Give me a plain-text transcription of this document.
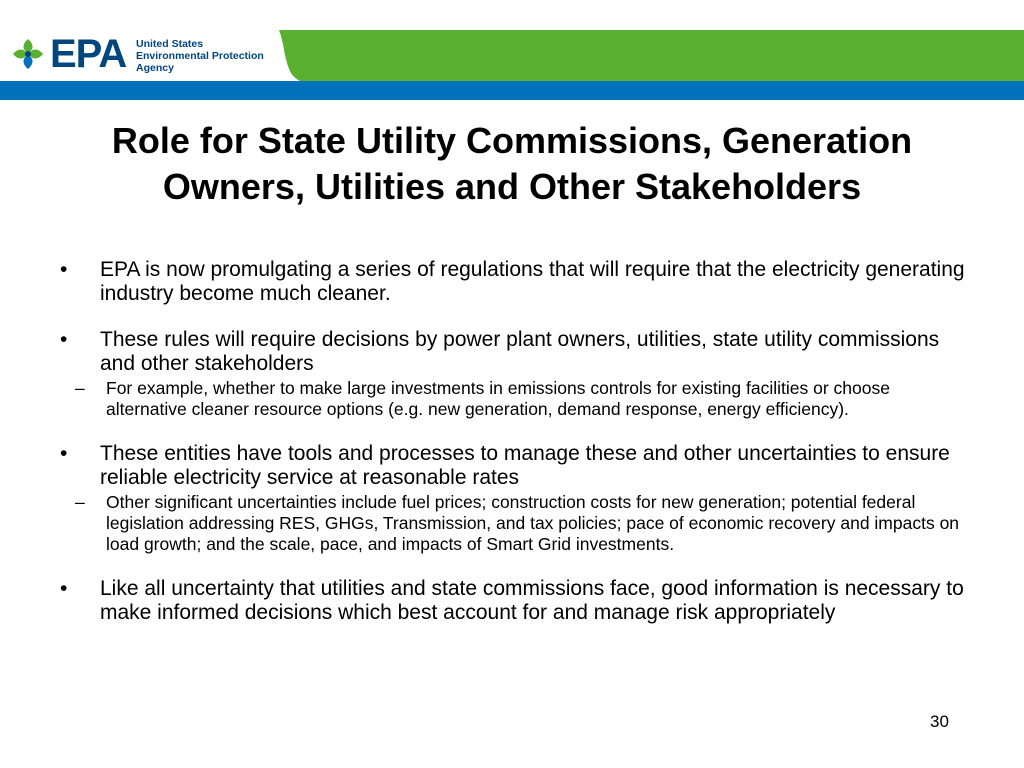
EPA United States
Environmental Protection
Agency
Role for State Utility Commissions, Generation Owners, Utilities and Other Stakeholders
• EPA is now promulgating a series of regulations that will require that the electricity generating industry become much cleaner.
• These rules will require decisions by power plant owners, utilities, state utility commissions and other stakeholders
– For example, whether to make large investments in emissions controls for existing facilities or choose alternative cleaner resource options (e.g. new generation, demand response, energy efficiency).
• These entities have tools and processes to manage these and other uncertainties to ensure reliable electricity service at reasonable rates
– Other significant uncertainties include fuel prices; construction costs for new generation; potential federal legislation addressing RES, GHGs, Transmission, and tax policies; pace of economic recovery and impacts on load growth; and the scale, pace, and impacts of Smart Grid investments.
• Like all uncertainty that utilities and state commissions face, good information is necessary to make informed decisions which best account for and manage risk appropriately
30
